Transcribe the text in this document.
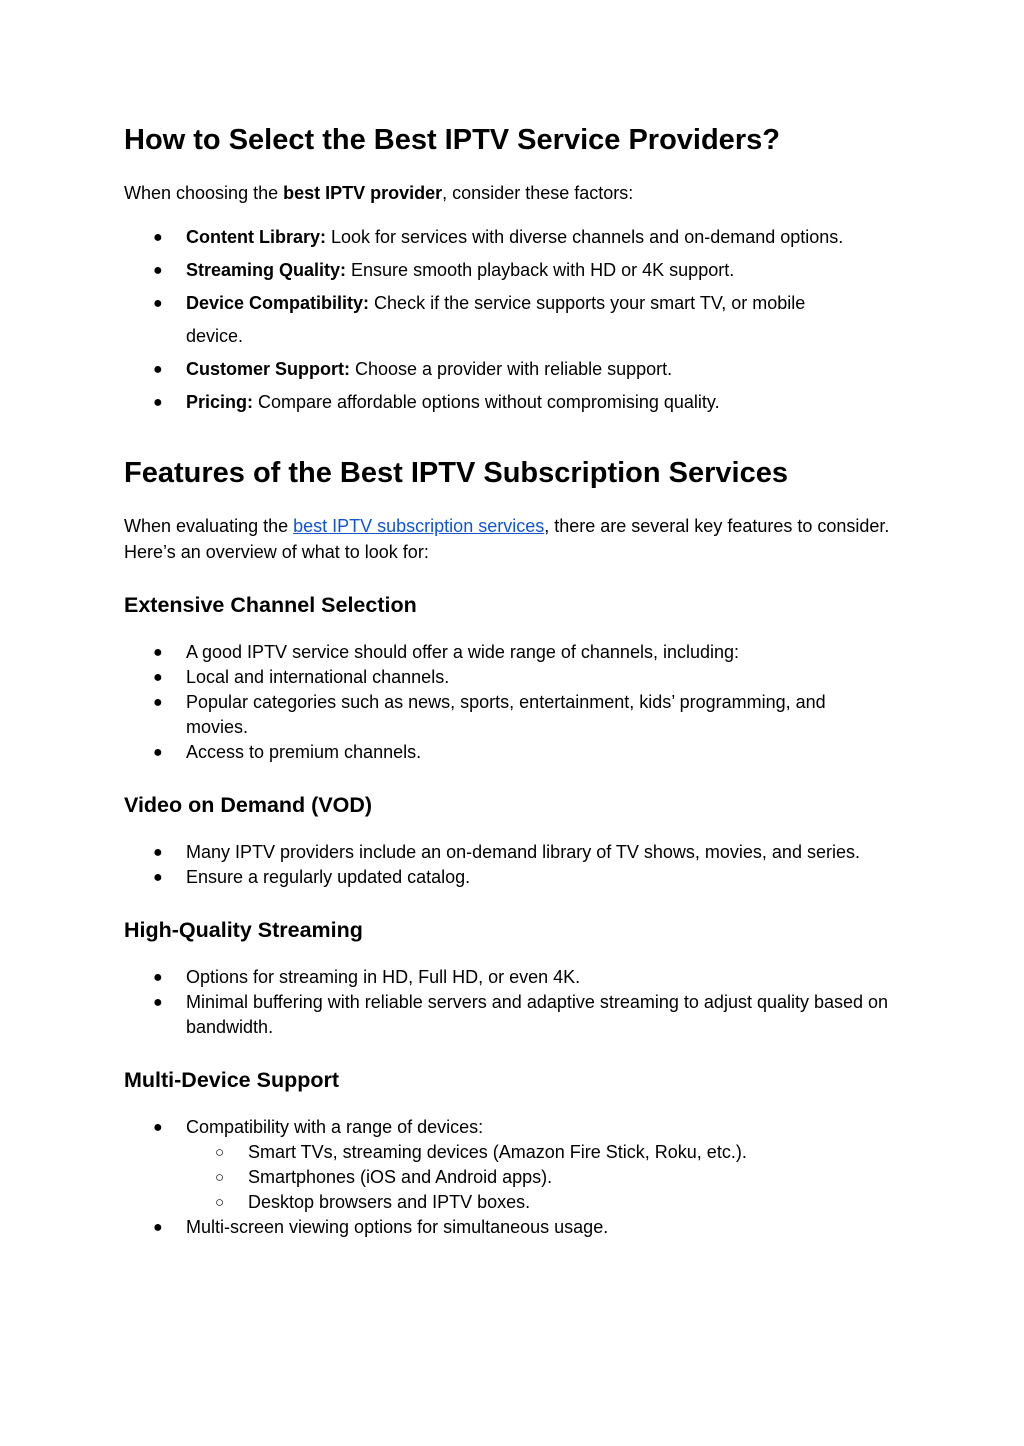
How to Select the Best IPTV Service Providers?

When choosing the best IPTV provider, consider these factors:

● Content Library: Look for services with diverse channels and on-demand options.
● Streaming Quality: Ensure smooth playback with HD or 4K support.
● Device Compatibility: Check if the service supports your smart TV, or mobile device.
● Customer Support: Choose a provider with reliable support.
● Pricing: Compare affordable options without compromising quality.
Features of the Best IPTV Subscription Services

When evaluating the best IPTV subscription services, there are several key features to consider. Here’s an overview of what to look for:

Extensive Channel Selection
● A good IPTV service should offer a wide range of channels, including:
● Local and international channels.
● Popular categories such as news, sports, entertainment, kids’ programming, and movies.
● Access to premium channels.
Video on Demand (VOD)
● Many IPTV providers include an on-demand library of TV shows, movies, and series.
● Ensure a regularly updated catalog.
High-Quality Streaming
● Options for streaming in HD, Full HD, or even 4K.
● Minimal buffering with reliable servers and adaptive streaming to adjust quality based on bandwidth.
Multi-Device Support
● Compatibility with a range of devices:
○ Smart TVs, streaming devices (Amazon Fire Stick, Roku, etc.).
○ Smartphones (iOS and Android apps).
○ Desktop browsers and IPTV boxes.
● Multi-screen viewing options for simultaneous usage.
